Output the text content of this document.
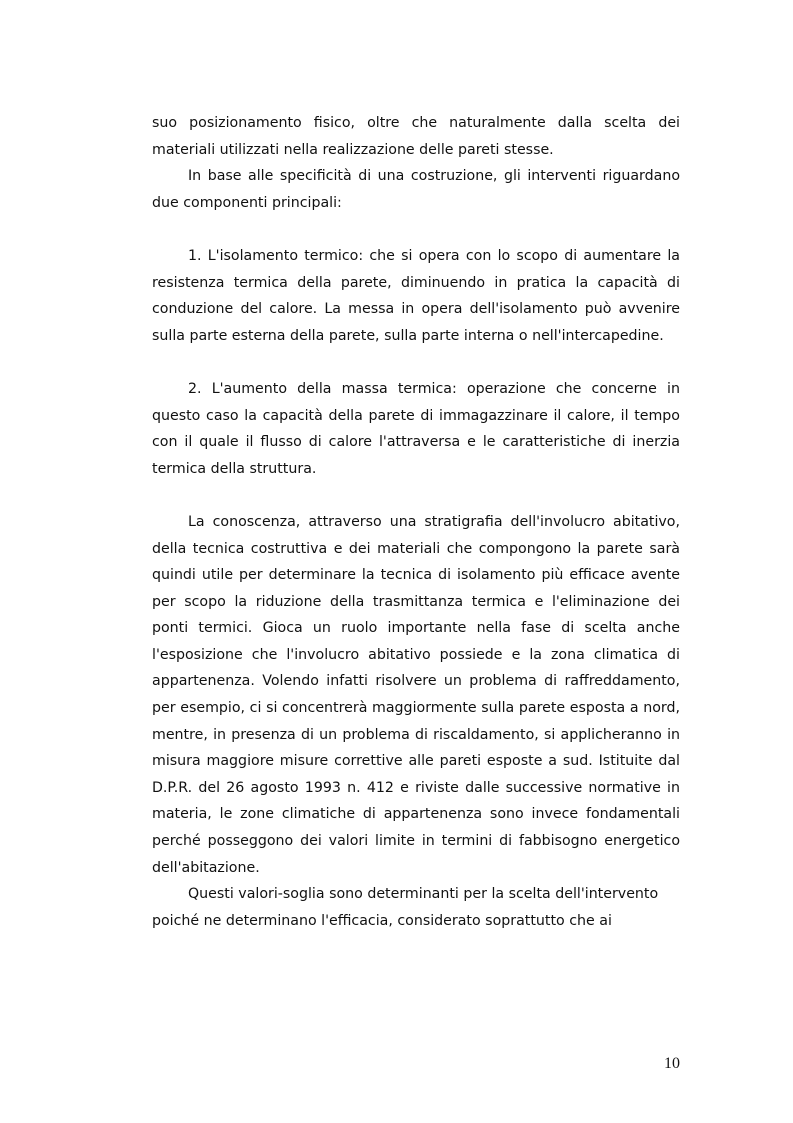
suo posizionamento fisico, oltre che naturalmente dalla scelta dei materiali utilizzati nella realizzazione delle pareti stesse.

In base alle specificità di una costruzione, gli interventi riguardano due componenti principali:

1. L'isolamento termico: che si opera con lo scopo di aumentare la resistenza termica della parete, diminuendo in pratica la capacità di conduzione del calore. La messa in opera dell'isolamento può avvenire sulla parte esterna della parete, sulla parte interna o nell'intercapedine.

2. L'aumento della massa termica: operazione che concerne in questo caso la capacità della parete di immagazzinare il calore, il tempo con il quale il flusso di calore l'attraversa e le caratteristiche di inerzia termica della struttura.

La conoscenza, attraverso una stratigrafia dell'involucro abitativo, della tecnica costruttiva e dei materiali che compongono la parete sarà quindi utile per determinare la tecnica di isolamento più efficace avente per scopo la riduzione della trasmittanza termica e l'eliminazione dei ponti termici. Gioca un ruolo importante nella fase di scelta anche l'esposizione che l'involucro abitativo possiede e la zona climatica di appartenenza. Volendo infatti risolvere un problema di raffreddamento, per esempio, ci si concentrerà maggiormente sulla parete esposta a nord, mentre, in presenza di un problema di riscaldamento, si applicheranno in misura maggiore misure correttive alle pareti esposte a sud. Istituite dal D.P.R. del 26 agosto 1993 n. 412 e riviste dalle successive normative in materia, le zone climatiche di appartenenza sono invece fondamentali perché posseggono dei valori limite in termini di fabbisogno energetico dell'abitazione.

Questi valori-soglia sono determinanti per la scelta dell'intervento poiché ne determinano l'efficacia, considerato soprattutto che ai

10
